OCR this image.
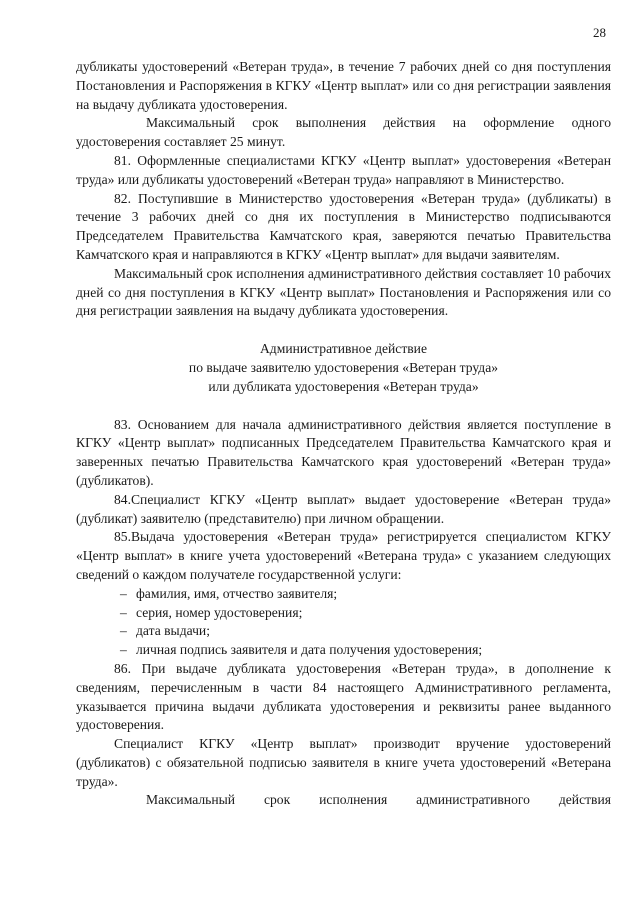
28

дубликаты удостоверений «Ветеран труда», в течение 7 рабочих дней со дня поступления Постановления и Распоряжения в КГКУ «Центр выплат» или со дня регистрации заявления на выдачу дубликата удостоверения.

Максимальный срок выполнения действия на оформление одного удостоверения составляет 25 минут.

81. Оформленные специалистами КГКУ «Центр выплат» удостоверения «Ветеран труда» или дубликаты удостоверений «Ветеран труда» направляют в Министерство.

82. Поступившие в Министерство удостоверения «Ветеран труда» (дубликаты) в течение 3 рабочих дней со дня их поступления в Министерство подписываются Председателем Правительства Камчатского края, заверяются печатью Правительства Камчатского края и направляются в КГКУ «Центр выплат» для выдачи заявителям.

Максимальный срок исполнения административного действия составляет 10 рабочих дней со дня поступления в КГКУ «Центр выплат» Постановления и Распоряжения или со дня регистрации заявления на выдачу дубликата удостоверения.

Административное действие

по выдаче заявителю удостоверения «Ветеран труда»

или дубликата удостоверения «Ветеран труда»

83. Основанием для начала административного действия является поступление в КГКУ «Центр выплат» подписанных Председателем Правительства Камчатского края и заверенных печатью Правительства Камчатского края удостоверений «Ветеран труда» (дубликатов).

84.Специалист КГКУ «Центр выплат» выдает удостоверение «Ветеран труда» (дубликат) заявителю (представителю) при личном обращении.

85.Выдача удостоверения «Ветеран труда» регистрируется специалистом КГКУ «Центр выплат» в книге учета удостоверений «Ветерана труда» с указанием следующих сведений о каждом получателе государственной услуги:

– фамилия, имя, отчество заявителя;
– серия, номер удостоверения;
– дата выдачи;
– личная подпись заявителя и дата получения удостоверения;

86. При выдаче дубликата удостоверения «Ветеран труда», в дополнение к сведениям, перечисленным в части 84 настоящего Административного регламента, указывается причина выдачи дубликата удостоверения и реквизиты ранее выданного удостоверения.

Специалист КГКУ «Центр выплат» производит вручение удостоверений (дубликатов) с обязательной подписью заявителя в книге учета удостоверений «Ветерана труда».

Максимальный срок исполнения административного действия
